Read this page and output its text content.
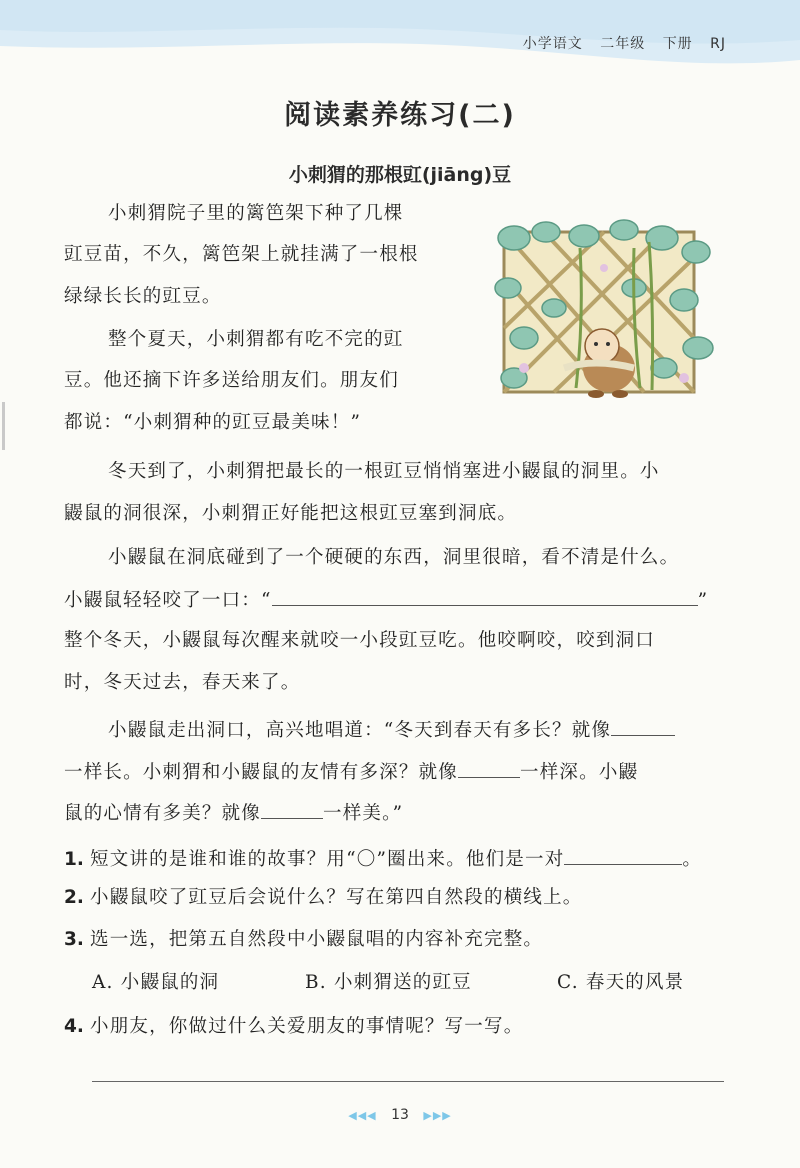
小学语文 二年级 下册 RJ
阅读素养练习(二)
小刺猬的那根豇(jiāng)豆
小刺猬院子里的篱笆架下种了几棵
豇豆苗，不久，篱笆架上就挂满了一根根
绿绿长长的豇豆。
整个夏天，小刺猬都有吃不完的豇
豆。他还摘下许多送给朋友们。朋友们
都说：“小刺猬种的豇豆最美味！”
冬天到了，小刺猬把最长的一根豇豆悄悄塞进小鼹鼠的洞里。小
鼹鼠的洞很深，小刺猬正好能把这根豇豆塞到洞底。
小鼹鼠在洞底碰到了一个硬硬的东西，洞里很暗，看不清是什么。
小鼹鼠轻轻咬了一口：“	”
整个冬天，小鼹鼠每次醒来就咬一小段豇豆吃。他咬啊咬，咬到洞口
时，冬天过去，春天来了。
小鼹鼠走出洞口，高兴地唱道：“冬天到春天有多长？就像
一样长。小刺猬和小鼹鼠的友情有多深？就像	一样深。小鼹
鼠的心情有多美？就像	一样美。”
1. 短文讲的是谁和谁的故事？用“〇”圈出来。他们是一对	。
2. 小鼹鼠咬了豇豆后会说什么？写在第四自然段的横线上。
3. 选一选，把第五自然段中小鼹鼠唱的内容补充完整。
A. 小鼹鼠的洞	B. 小刺猬送的豇豆	C. 春天的风景
4. 小朋友，你做过什么关爱朋友的事情呢？写一写。
◀◀◀ 13 ▶▶▶
